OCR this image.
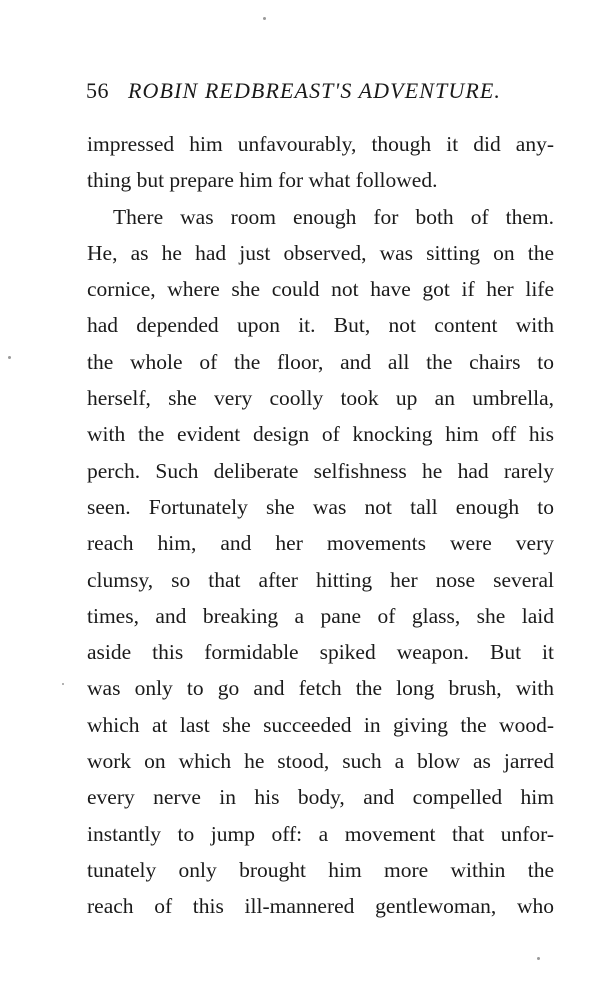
56 ROBIN REDBREAST'S ADVENTURE.
impressed him unfavourably, though it did any-
thing but prepare him for what followed.
There was room enough for both of them.
He, as he had just observed, was sitting on the
cornice, where she could not have got if her life
had depended upon it. But, not content with
the whole of the floor, and all the chairs to
herself, she very coolly took up an umbrella,
with the evident design of knocking him off his
perch. Such deliberate selfishness he had rarely
seen. Fortunately she was not tall enough to
reach him, and her movements were very
clumsy, so that after hitting her nose several
times, and breaking a pane of glass, she laid
aside this formidable spiked weapon. But it
was only to go and fetch the long brush, with
which at last she succeeded in giving the wood-
work on which he stood, such a blow as jarred
every nerve in his body, and compelled him
instantly to jump off: a movement that unfor-
tunately only brought him more within the
reach of this ill-mannered gentlewoman, who
